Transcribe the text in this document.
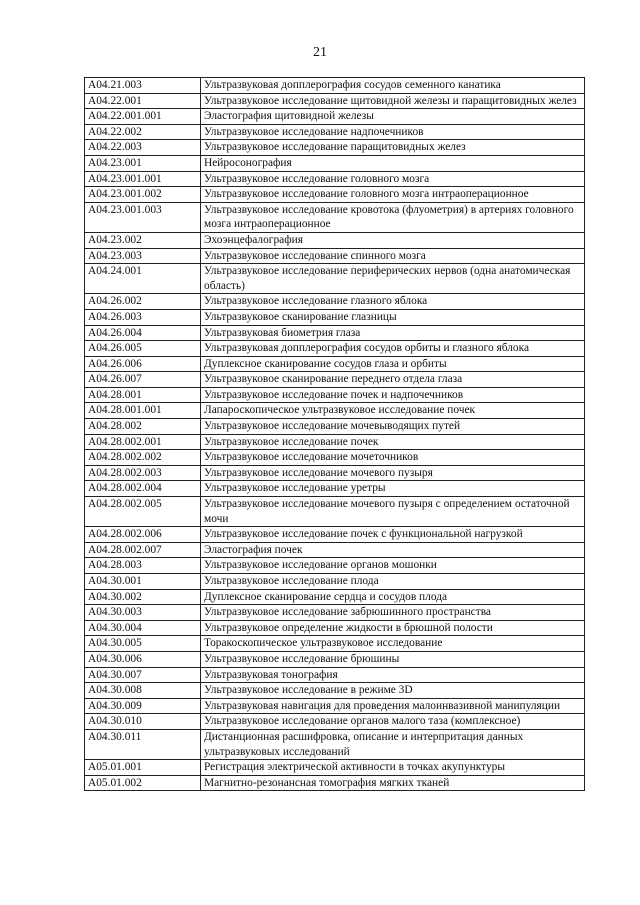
21
A04.21.003	Ультразвуковая допплерография сосудов семенного канатика
A04.22.001	Ультразвуковое исследование щитовидной железы и паращитовидных желез
A04.22.001.001	Эластография щитовидной железы
A04.22.002	Ультразвуковое исследование надпочечников
A04.22.003	Ультразвуковое исследование паращитовидных желез
A04.23.001	Нейросонография
A04.23.001.001	Ультразвуковое исследование головного мозга
A04.23.001.002	Ультразвуковое исследование головного мозга интраоперационное
A04.23.001.003	Ультразвуковое исследование кровотока (флуометрия) в артериях головного мозга интраоперационное
A04.23.002	Эхоэнцефалография
A04.23.003	Ультразвуковое исследование спинного мозга
A04.24.001	Ультразвуковое исследование периферических нервов (одна анатомическая область)
A04.26.002	Ультразвуковое исследование глазного яблока
A04.26.003	Ультразвуковое сканирование глазницы
A04.26.004	Ультразвуковая биометрия глаза
A04.26.005	Ультразвуковая допплерография сосудов орбиты и глазного яблока
A04.26.006	Дуплексное сканирование сосудов глаза и орбиты
A04.26.007	Ультразвуковое сканирование переднего отдела глаза
A04.28.001	Ультразвуковое исследование почек и надпочечников
A04.28.001.001	Лапароскопическое ультразвуковое исследование почек
A04.28.002	Ультразвуковое исследование мочевыводящих путей
A04.28.002.001	Ультразвуковое исследование почек
A04.28.002.002	Ультразвуковое исследование мочеточников
A04.28.002.003	Ультразвуковое исследование мочевого пузыря
A04.28.002.004	Ультразвуковое исследование уретры
A04.28.002.005	Ультразвуковое исследование мочевого пузыря с определением остаточной мочи
A04.28.002.006	Ультразвуковое исследование почек с функциональной нагрузкой
A04.28.002.007	Эластография почек
A04.28.003	Ультразвуковое исследование органов мошонки
A04.30.001	Ультразвуковое исследование плода
A04.30.002	Дуплексное сканирование сердца и сосудов плода
A04.30.003	Ультразвуковое исследование забрюшинного пространства
A04.30.004	Ультразвуковое определение жидкости в брюшной полости
A04.30.005	Торакоскопическое ультразвуковое исследование
A04.30.006	Ультразвуковое исследование брюшины
A04.30.007	Ультразвуковая тонография
A04.30.008	Ультразвуковое исследование в режиме 3D
A04.30.009	Ультразвуковая навигация для проведения малоинвазивной манипуляции
A04.30.010	Ультразвуковое исследование органов малого таза (комплексное)
A04.30.011	Дистанционная расшифровка, описание и интерпритация данных ультразвуковых исследований
A05.01.001	Регистрация электрической активности в точках акупунктуры
A05.01.002	Магнитно-резонансная томография мягких тканей
